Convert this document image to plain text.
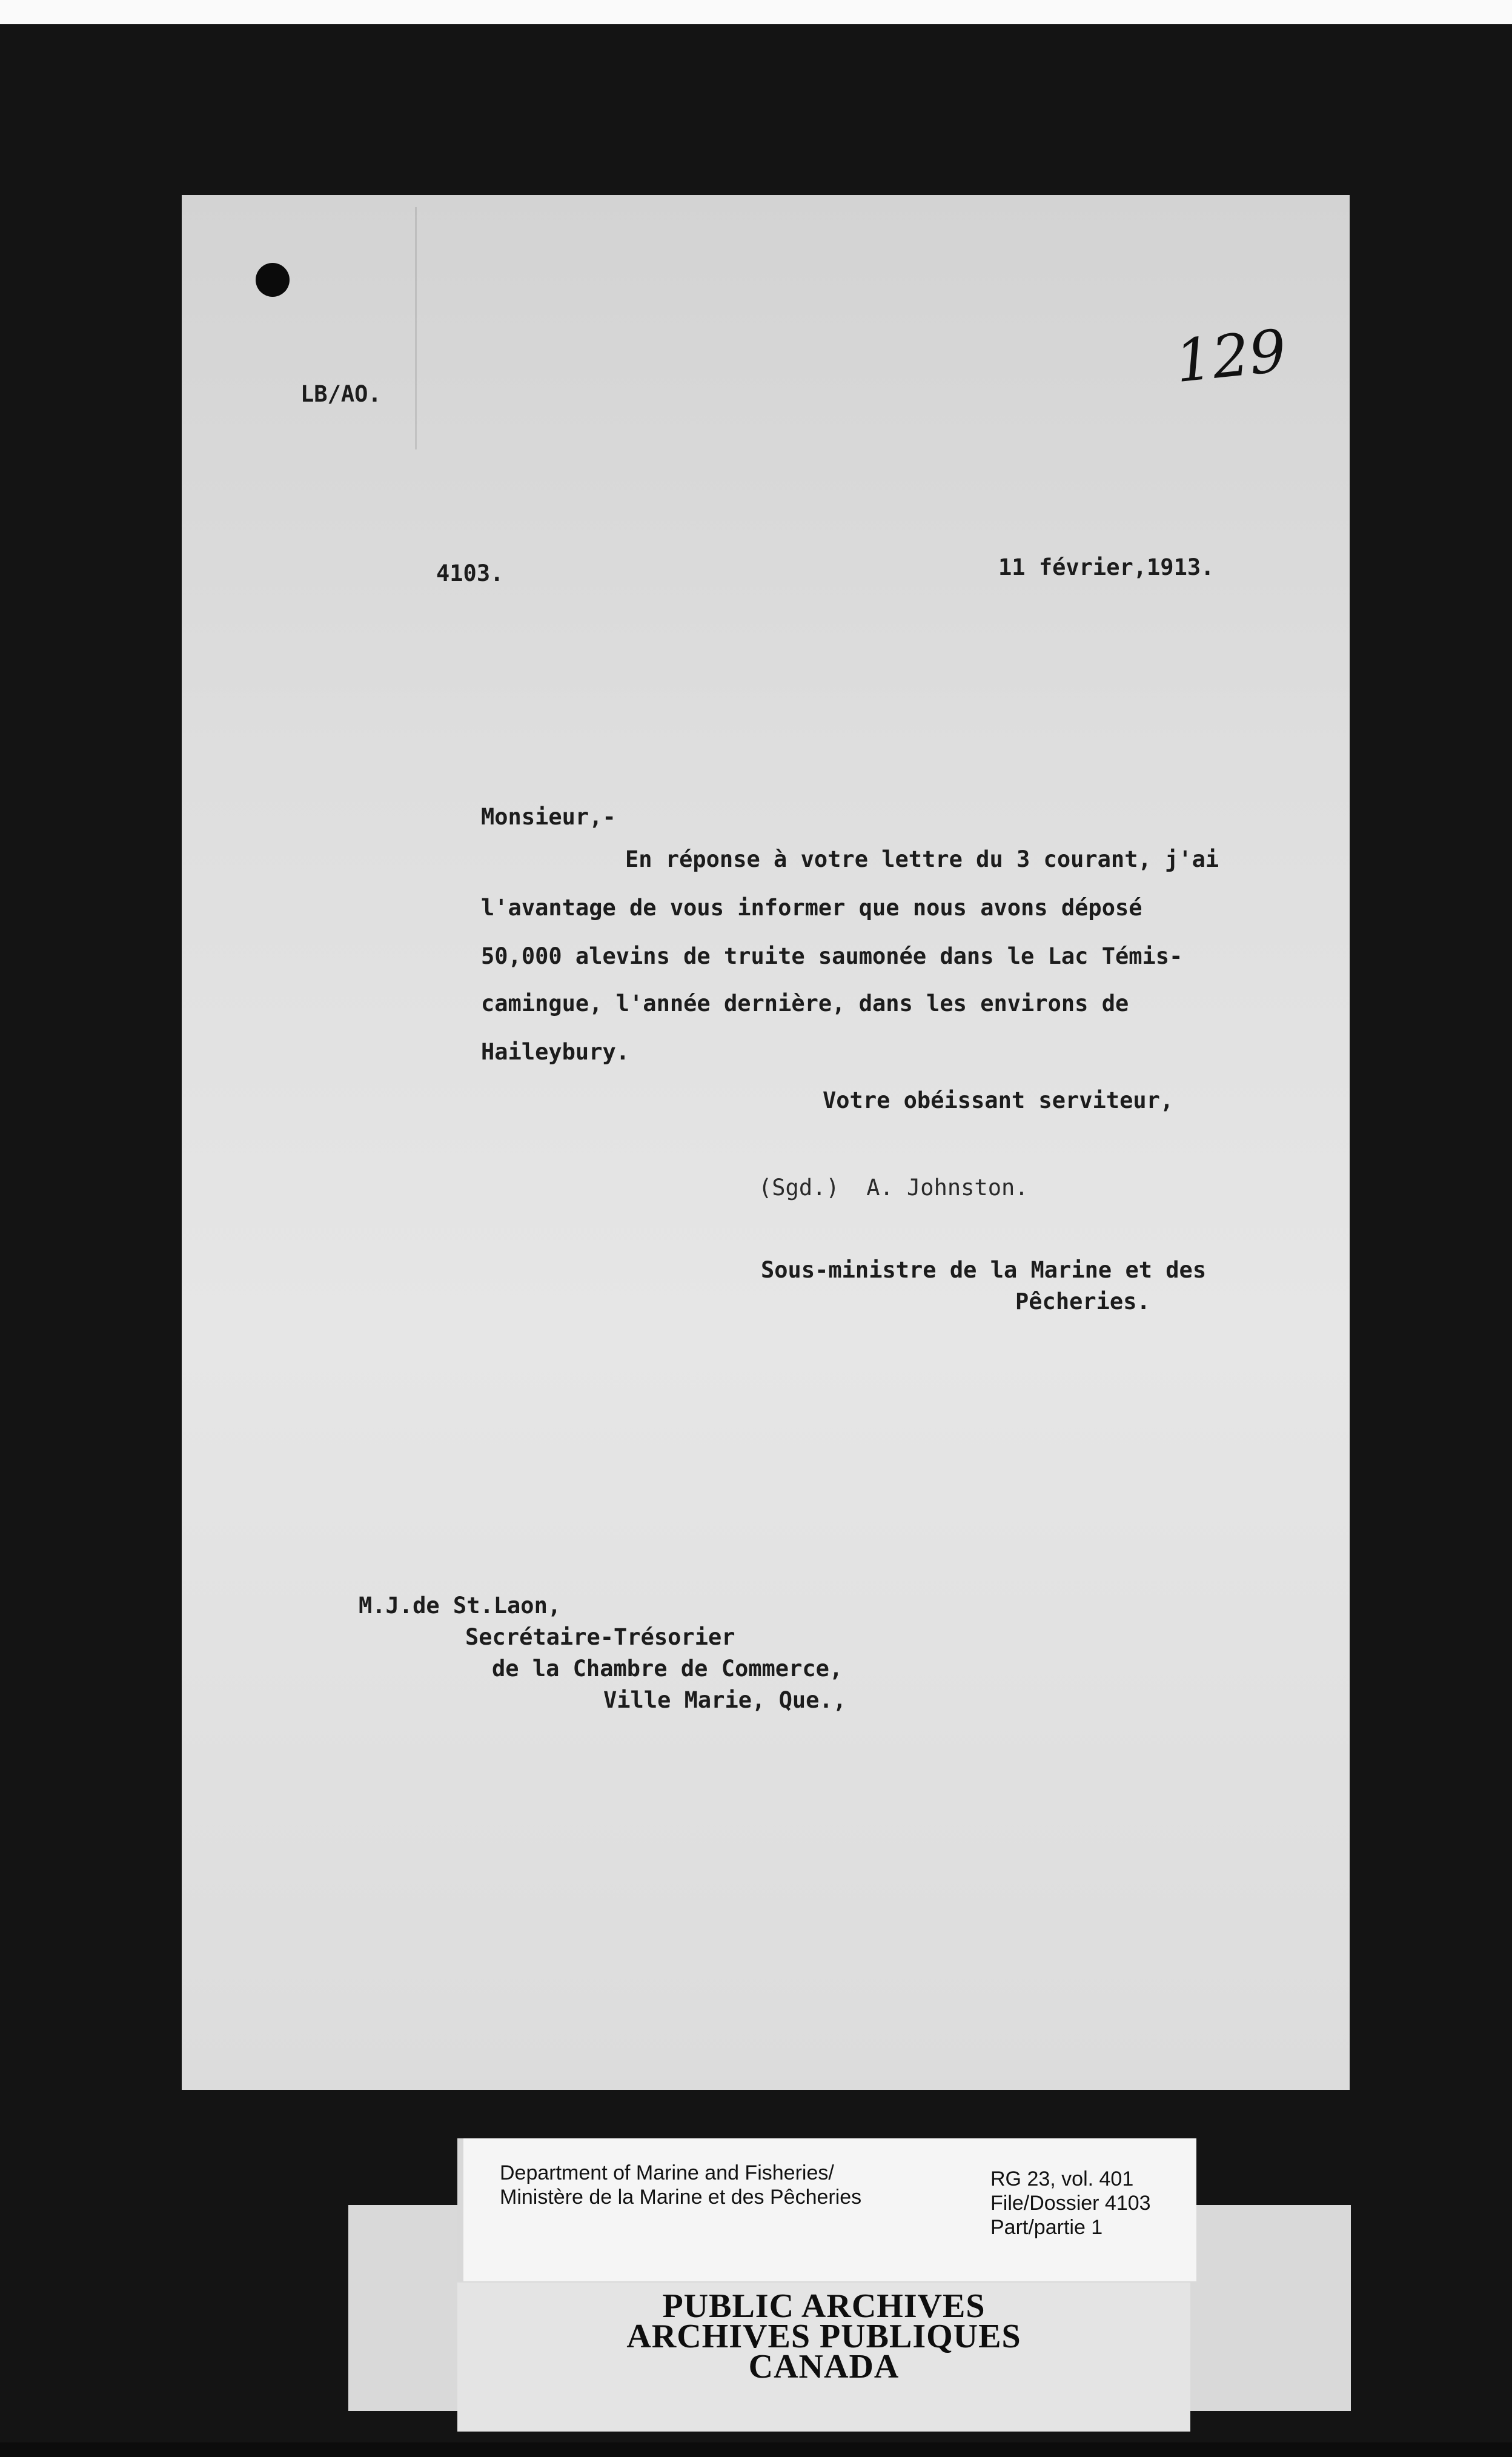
LB/AO.	129
4103.	11 février,1913.
Monsieur,-
En réponse à votre lettre du 3 courant, j'ai
l'avantage de vous informer que nous avons déposé
50,000 alevins de truite saumonée dans le Lac Témis-
camingue, l'année dernière, dans les environs de
Haileybury.
Votre obéissant serviteur,
(Sgd.)  A. Johnston.
Sous-ministre de la Marine et des
Pêcheries.
M.J.de St.Laon,
Secrétaire-Trésorier
de la Chambre de Commerce,
Ville Marie, Que.,
Department of Marine and Fisheries/
Ministère de la Marine et des Pêcheries
RG 23, vol. 401
File/Dossier 4103
Part/partie 1
PUBLIC ARCHIVES
ARCHIVES PUBLIQUES
CANADA
